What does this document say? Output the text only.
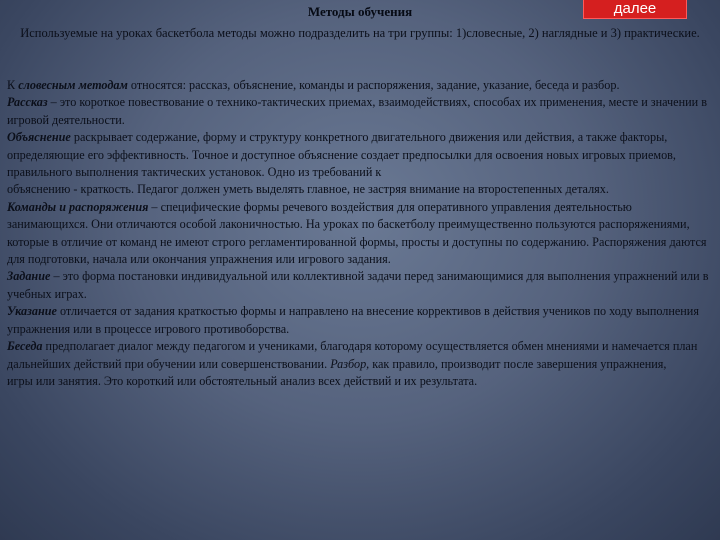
Методы обучения	далее
Используемые на уроках баскетбола методы можно подразделить на три группы: 1)словесные, 2) наглядные и 3) практические.

К словесным методам относятся: рассказ, объяснение, команды и распоряжения, задание, указание, беседа и разбор.

Рассказ – это короткое повествование о технико-тактических приемах, взаимодействиях, способах их применения, месте и значении в игровой деятельности.

Объяснение раскрывает содержание, форму и структуру конкретного двигательного движения или действия, а также факторы, определяющие его эффективность. Точное и доступное объяснение создает предпосылки для освоения новых игровых приемов,

правильного выполнения тактических установок. Одно из требований к

объяснению - краткость. Педагог должен уметь выделять главное, не застряя внимание на второстепенных деталях.

Команды и распоряжения – специфические формы речевого воздействия для оперативного управления деятельностью занимающихся. Они отличаются особой лаконичностью. На уроках по баскетболу преимущественно пользуются распоряжениями, которые в отличие от команд не имеют строго регламентированной формы, просты и доступны по содержанию. Распоряжения даются для подготовки, начала или окончания упражнения или игрового задания.

Задание – это форма постановки индивидуальной или коллективной задачи перед занимающимися для выполнения упражнений или в учебных играх.

Указание отличается от задания краткостью формы и направлено на внесение коррективов в действия учеников по ходу выполнения упражнения или в процессе игрового противоборства.

Беседа предполагает диалог между педагогом и учениками, благодаря которому осуществляется обмен мнениями и намечается план дальнейших действий при обучении или совершенствовании. Разбор, как правило, производит после завершения упражнения,

игры или занятия. Это короткий или обстоятельный анализ всех действий и их результата.
